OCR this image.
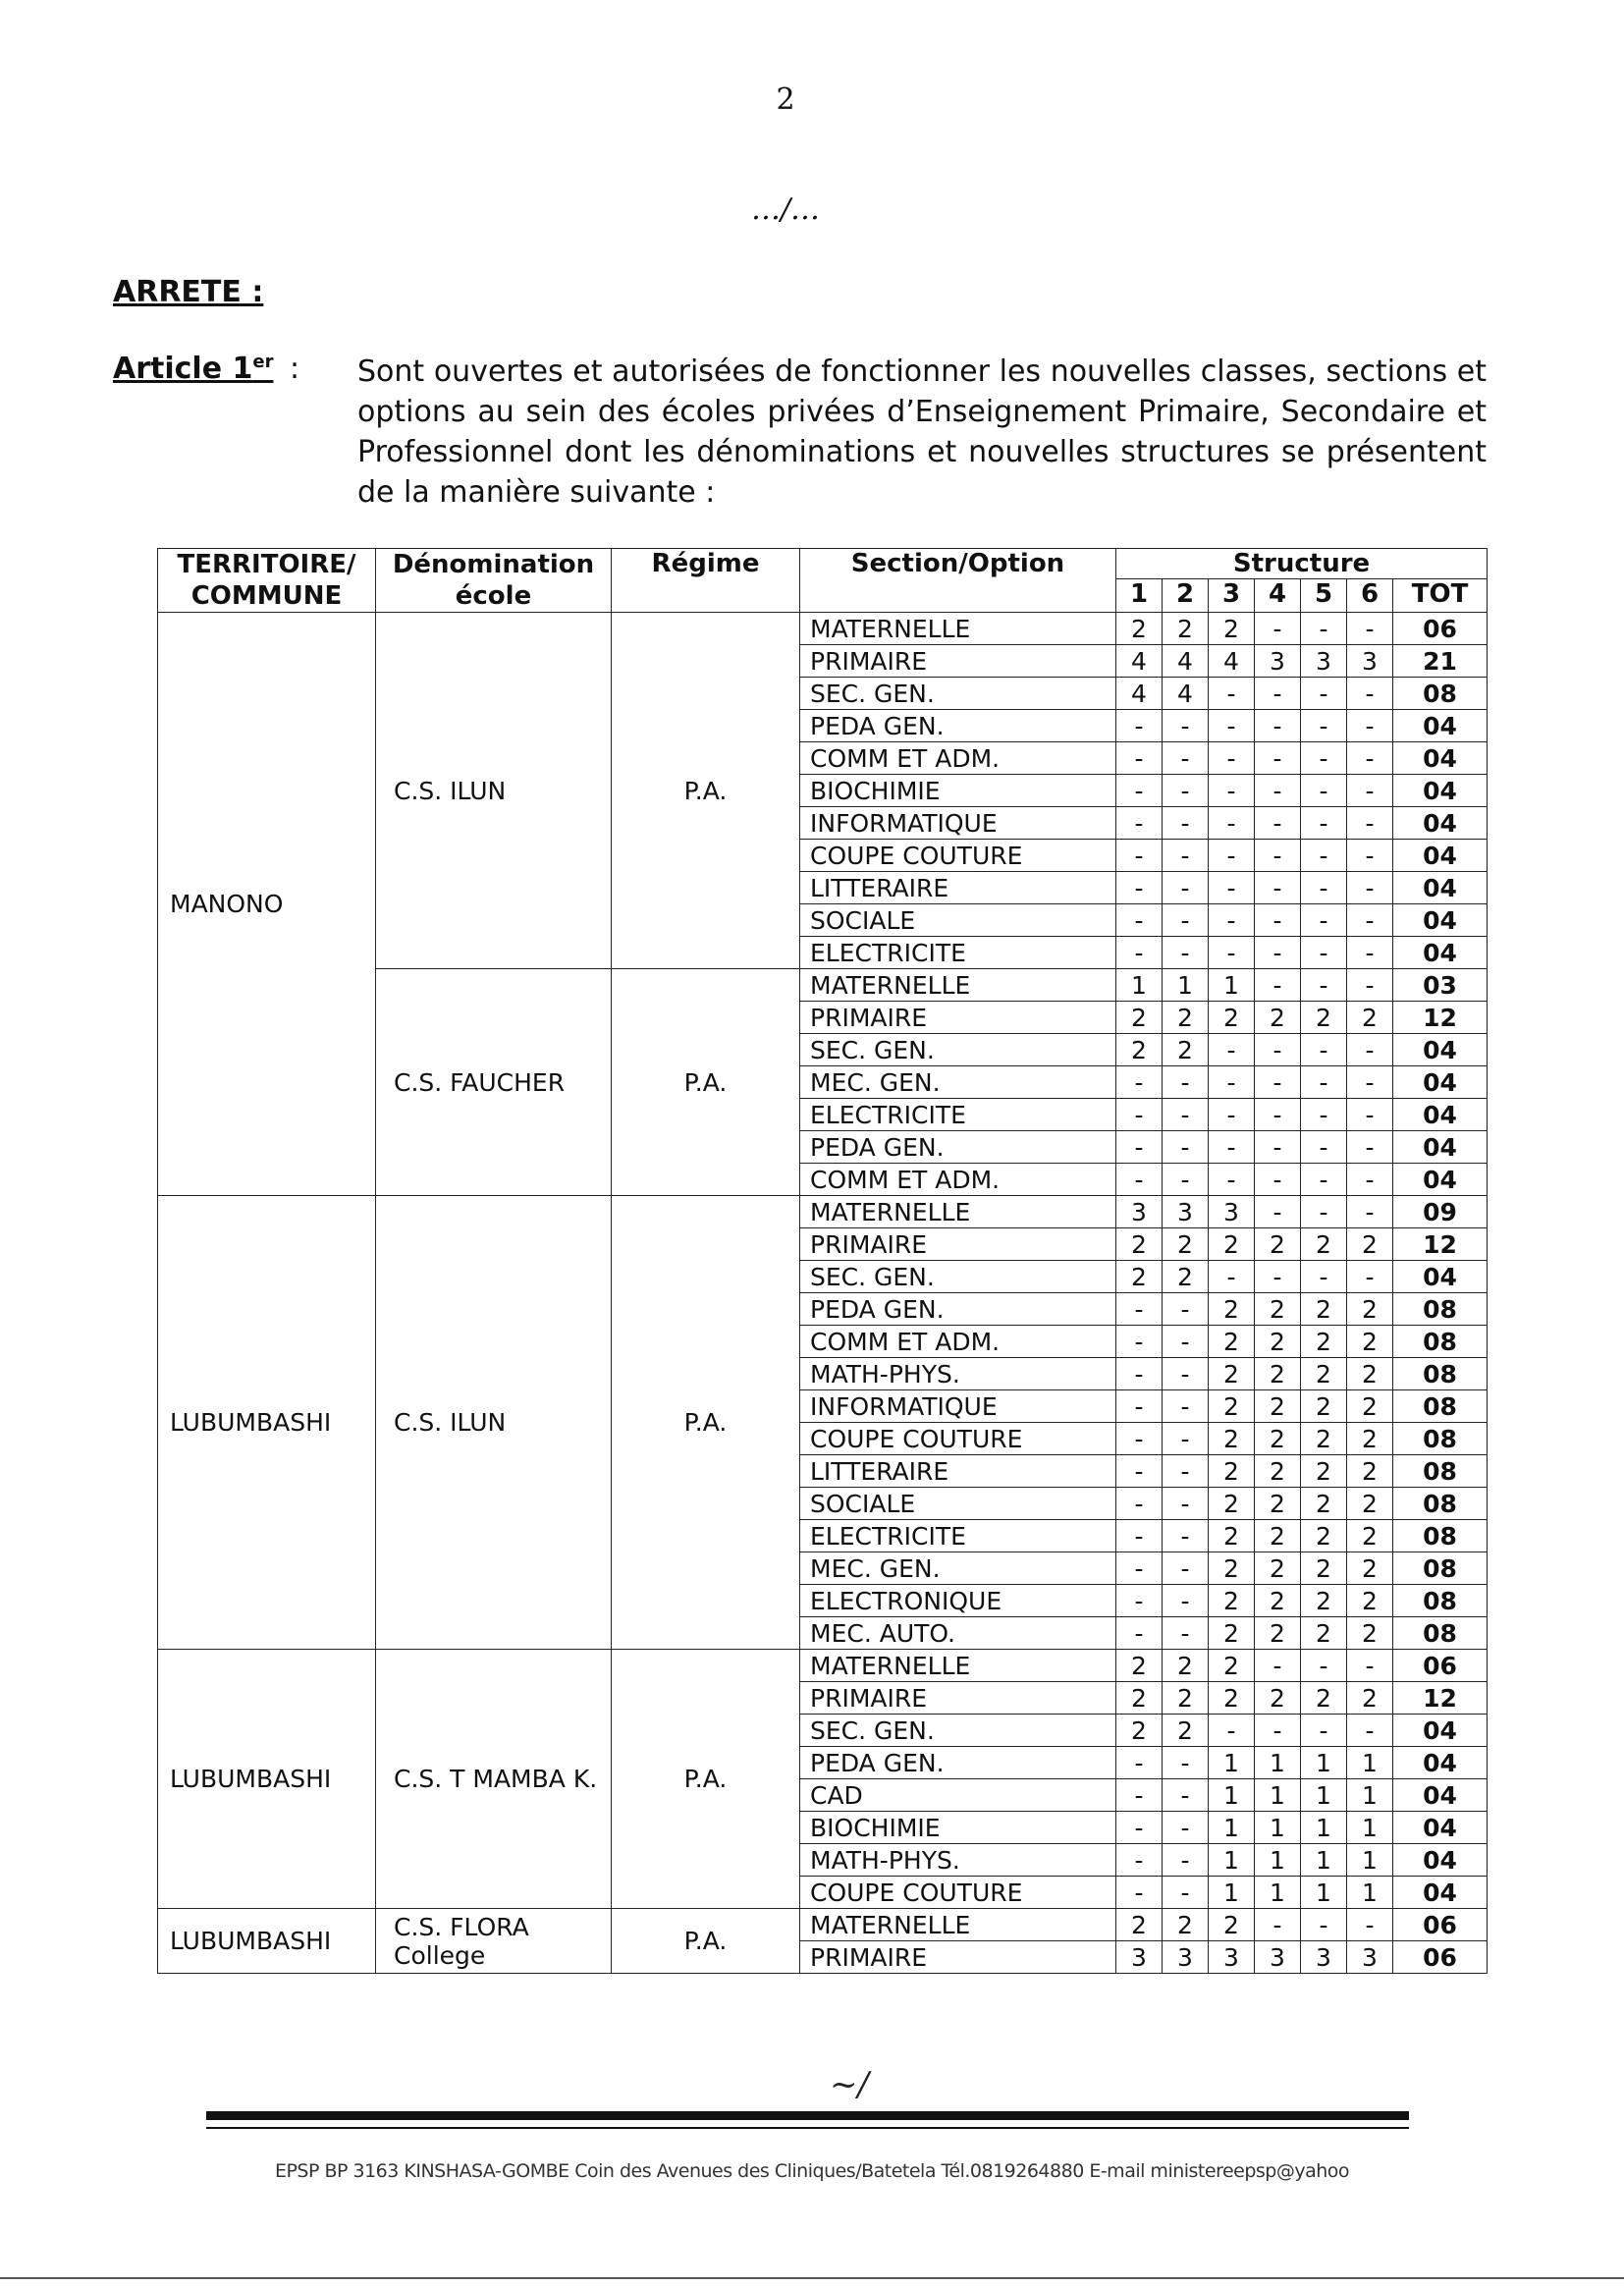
2
…/…
ARRETE :
Article 1er : Sont ouvertes et autorisées de fonctionner les nouvelles classes, sections et options au sein des écoles privées d’Enseignement Primaire, Secondaire et Professionnel dont les dénominations et nouvelles structures se présentent de la manière suivante :
TERRITOIRE/ COMMUNE	Dénomination école	Régime	Section/Option	Structure						
				1	2	3	4	5	6	TOT
MANONO	C.S. ILUN	P.A.	MATERNELLE	2	2	2	-	-	-	06
			PRIMAIRE	4	4	4	3	3	3	21
			SEC. GEN.	4	4	-	-	-	-	08
			PEDA GEN.	-	-	-	-	-	-	04
			COMM ET ADM.	-	-	-	-	-	-	04
			BIOCHIMIE	-	-	-	-	-	-	04
			INFORMATIQUE	-	-	-	-	-	-	04
			COUPE COUTURE	-	-	-	-	-	-	04
			LITTERAIRE	-	-	-	-	-	-	04
			SOCIALE	-	-	-	-	-	-	04
			ELECTRICITE	-	-	-	-	-	-	04
	C.S. FAUCHER	P.A.	MATERNELLE	1	1	1	-	-	-	03
			PRIMAIRE	2	2	2	2	2	2	12
			SEC. GEN.	2	2	-	-	-	-	04
			MEC. GEN.	-	-	-	-	-	-	04
			ELECTRICITE	-	-	-	-	-	-	04
			PEDA GEN.	-	-	-	-	-	-	04
			COMM ET ADM.	-	-	-	-	-	-	04
LUBUMBASHI	C.S. ILUN	P.A.	MATERNELLE	3	3	3	-	-	-	09
			PRIMAIRE	2	2	2	2	2	2	12
			SEC. GEN.	2	2	-	-	-	-	04
			PEDA GEN.	-	-	2	2	2	2	08
			COMM ET ADM.	-	-	2	2	2	2	08
			MATH-PHYS.	-	-	2	2	2	2	08
			INFORMATIQUE	-	-	2	2	2	2	08
			COUPE COUTURE	-	-	2	2	2	2	08
			LITTERAIRE	-	-	2	2	2	2	08
			SOCIALE	-	-	2	2	2	2	08
			ELECTRICITE	-	-	2	2	2	2	08
			MEC. GEN.	-	-	2	2	2	2	08
			ELECTRONIQUE	-	-	2	2	2	2	08
			MEC. AUTO.	-	-	2	2	2	2	08
LUBUMBASHI	C.S. T MAMBA K.	P.A.	MATERNELLE	2	2	2	-	-	-	06
			PRIMAIRE	2	2	2	2	2	2	12
			SEC. GEN.	2	2	-	-	-	-	04
			PEDA GEN.	-	-	1	1	1	1	04
			CAD	-	-	1	1	1	1	04
			BIOCHIMIE	-	-	1	1	1	1	04
			MATH-PHYS.	-	-	1	1	1	1	04
			COUPE COUTURE	-	-	1	1	1	1	04
LUBUMBASHI	C.S. FLORA College	P.A.	MATERNELLE	2	2	2	-	-	-	06
			PRIMAIRE	3	3	3	3	3	3	06
~/
EPSP BP 3163 KINSHASA-GOMBE Coin des Avenues des Cliniques/Batetela Tél.0819264880 E-mail ministereepsp@yahoo
